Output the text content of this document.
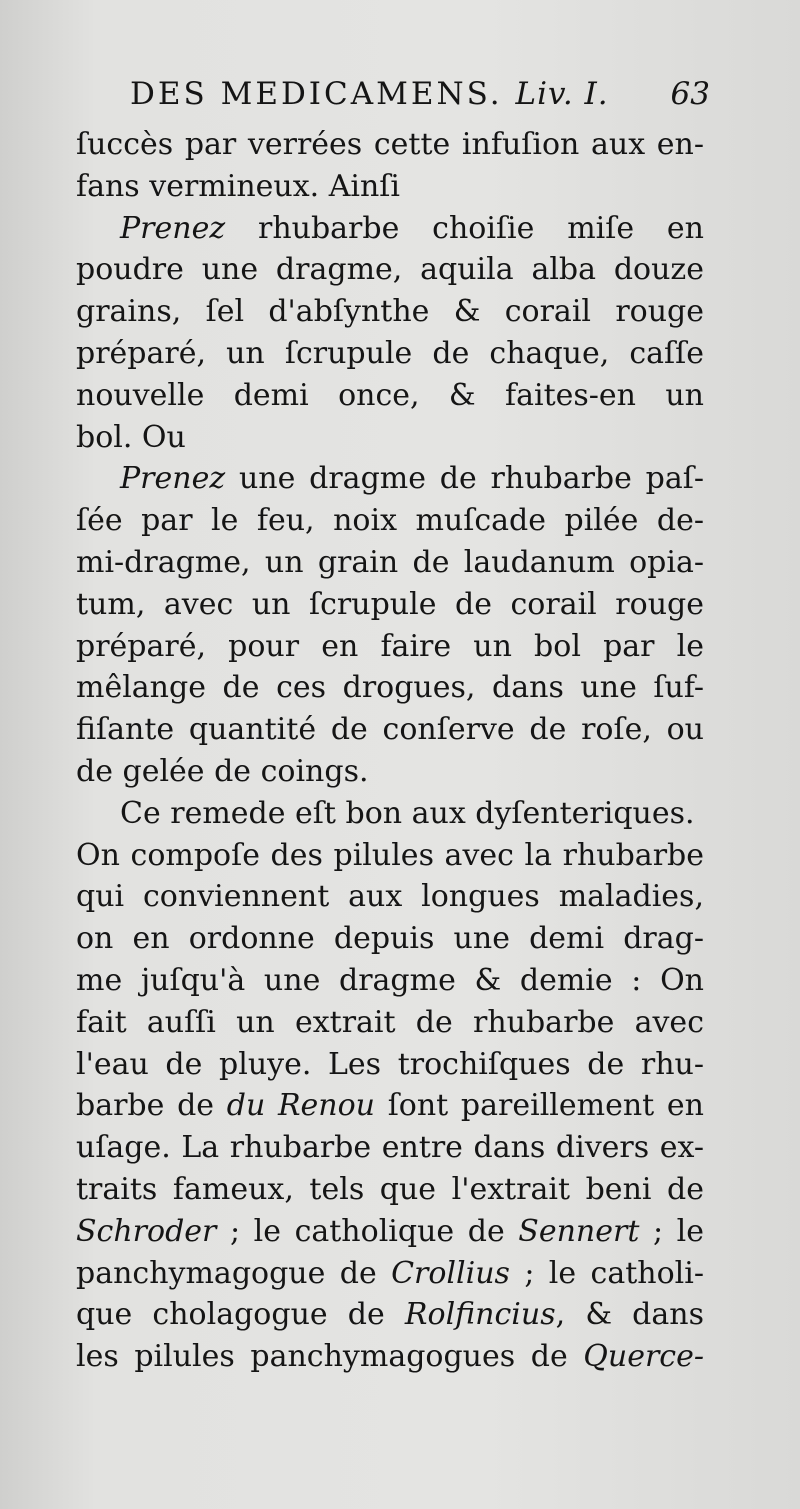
DES MEDICAMENS. Liv. I. 63
ſuccès par verrées cette infuſion aux en-
fans vermineux. Ainſi
Prenez rhubarbe choiſie miſe en
poudre une dragme, aquila alba douze
grains, ſel d'abſynthe & corail rouge
préparé, un ſcrupule de chaque, caſſe
nouvelle demi once, & faites-en un
bol. Ou
Prenez une dragme de rhubarbe paſ-
ſée par le feu, noix muſcade pilée de-
mi-dragme, un grain de laudanum opia-
tum, avec un ſcrupule de corail rouge
préparé, pour en faire un bol par le
mêlange de ces drogues, dans une ſuf-
fiſante quantité de conſerve de roſe, ou
de gelée de coings.
Ce remede eſt bon aux dyſenteriques.
On compoſe des pilules avec la rhubarbe
qui conviennent aux longues maladies,
on en ordonne depuis une demi drag-
me juſqu'à une dragme & demie : On
fait auſſi un extrait de rhubarbe avec
l'eau de pluye. Les trochiſques de rhu-
barbe de du Renou ſont pareillement en
uſage. La rhubarbe entre dans divers ex-
traits fameux, tels que l'extrait beni de
Schroder ; le catholique de Sennert ; le
panchymagogue de Crollius ; le catholi-
que cholagogue de Rolfincius, & dans
les pilules panchymagogues de Querce-
